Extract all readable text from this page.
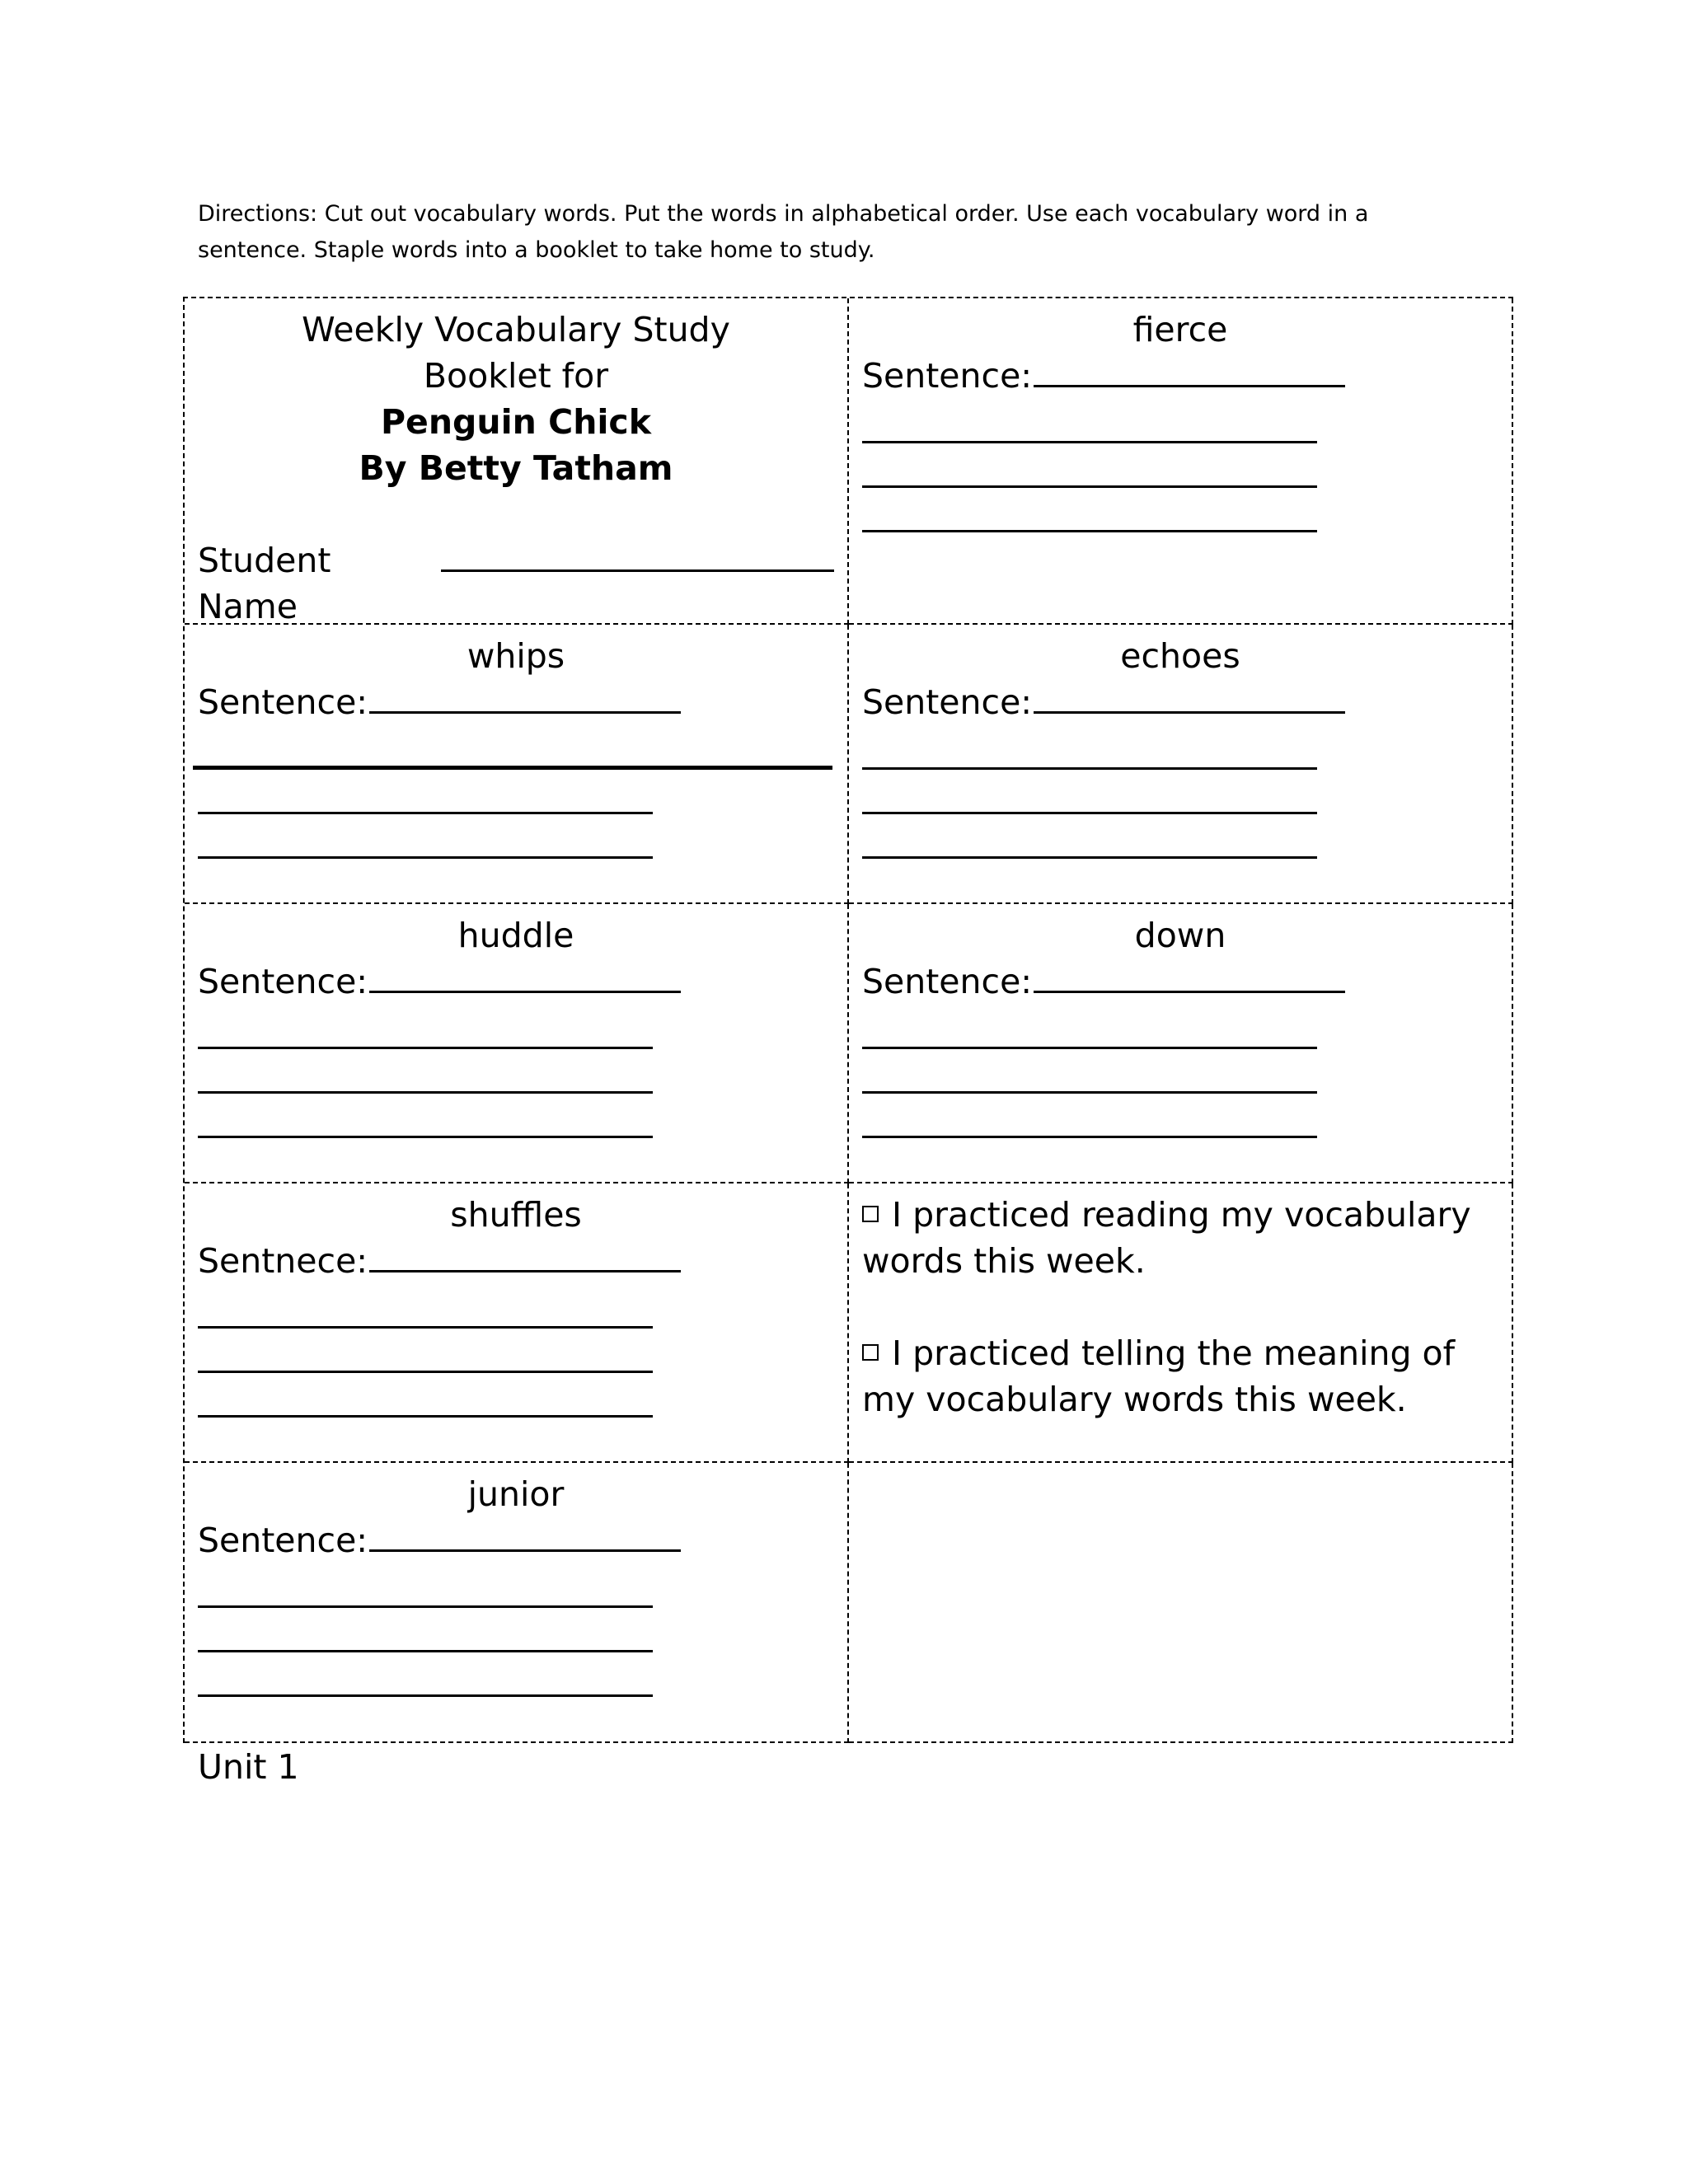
Directions: Cut out vocabulary words. Put the words in alphabetical order. Use each vocabulary word in a sentence. Staple words into a booklet to take home to study.
Weekly Vocabulary Study
Booklet for
Penguin Chick
By Betty Tatham
Student Name
fierce
Sentence:
whips
Sentence:
echoes
Sentence:
huddle
Sentence:
down
Sentence:
shuffles
Sentnece:
I practiced reading my vocabulary words this week.
I practiced telling the meaning of my vocabulary words this week.
junior
Sentence:
Unit 1
